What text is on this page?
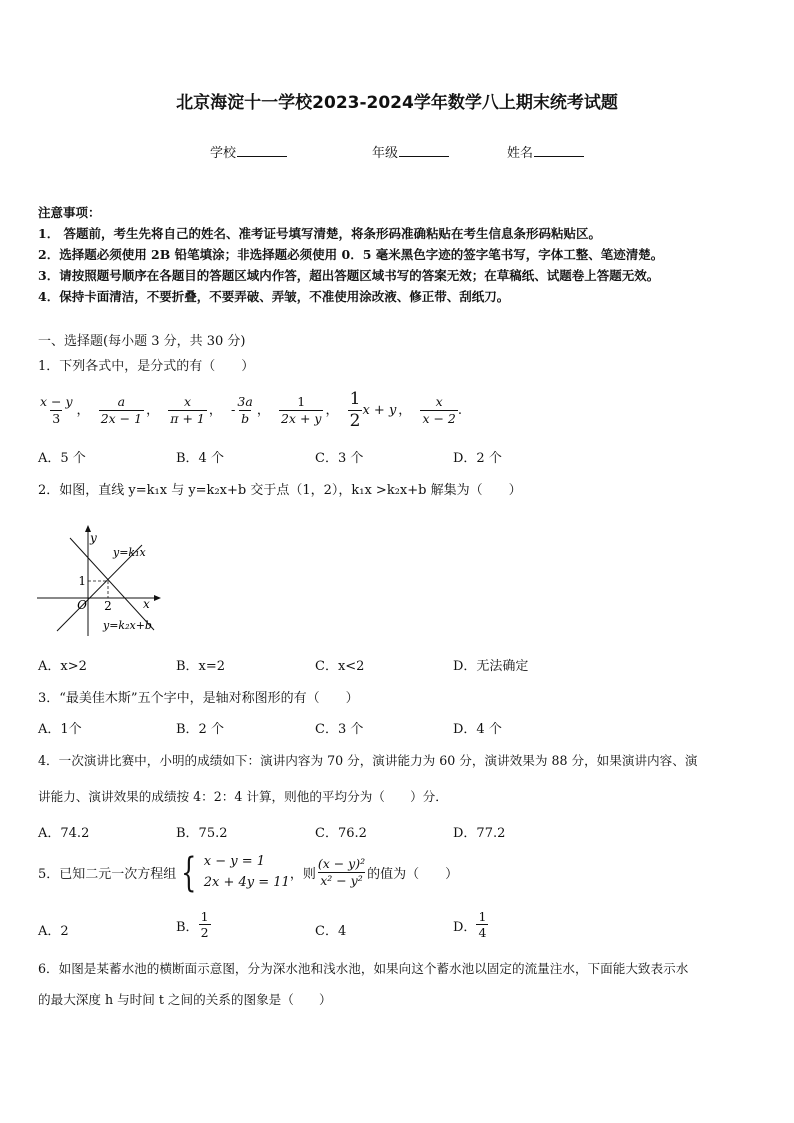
北京海淀十一学校2023-2024学年数学八上期末统考试题
学校	年级	姓名
注意事项：
1． 答题前，考生先将自己的姓名、准考证号填写清楚，将条形码准确粘贴在考生信息条形码粘贴区。
2．选择题必须使用 2B 铅笔填涂；非选择题必须使用 0．5 毫米黑色字迹的签字笔书写，字体工整、笔迹清楚。
3．请按照题号顺序在各题目的答题区域内作答，超出答题区域书写的答案无效；在草稿纸、试题卷上答题无效。
4．保持卡面清洁，不要折叠，不要弄破、弄皱，不准使用涂改液、修正带、刮纸刀。
一、选择题(每小题 3 分，共 30 分)
1．下列各式中，是分式的有（　　）
$\frac{x - y}{3}$ ， $\frac{a}{2x - 1}$ ， $\frac{x}{\pi + 1}$ ， - $\frac{3a}{b}$ ， $\frac{1}{2x + y}$ ， $\frac{1}{2}$ x + y ， $\frac{x}{x - 2}$ .
A．5 个	B．4 个	C．3 个	D．2 个
2．如图，直线 y=k₁x 与 y=k₂x+b 交于点（1，2），k₁x >k₂x+b 解集为（　　）
y
x
O
1
2
y=k₁x
y=k₂x+b
A．x>2	B．x=2	C．x<2	D．无法确定
3．“最美佳木斯”五个字中，是轴对称图形的有（　　）
A．1个	B．2 个	C．3 个	D．4 个
4．一次演讲比赛中，小明的成绩如下：演讲内容为 70 分，演讲能力为 60 分，演讲效果为 88 分，如果演讲内容、演
讲能力、演讲效果的成绩按 4：2：4 计算，则他的平均分为（　　）分．
A．74.2	B．75.2	C．76.2	D．77.2
5．已知二元一次方程组 { x − y = 1
2x + 4y = 11 ，则 $\frac{\text{(x − y)²}}{\text{x² − y²}}$ 的值为（　　）
A．2	B． $\frac{1}{2}$	C．4	D． $\frac{1}{4}$
6．如图是某蓄水池的横断面示意图，分为深水池和浅水池，如果向这个蓄水池以固定的流量注水，下面能大致表示水
的最大深度 h 与时间 t 之间的关系的图象是（　　）
